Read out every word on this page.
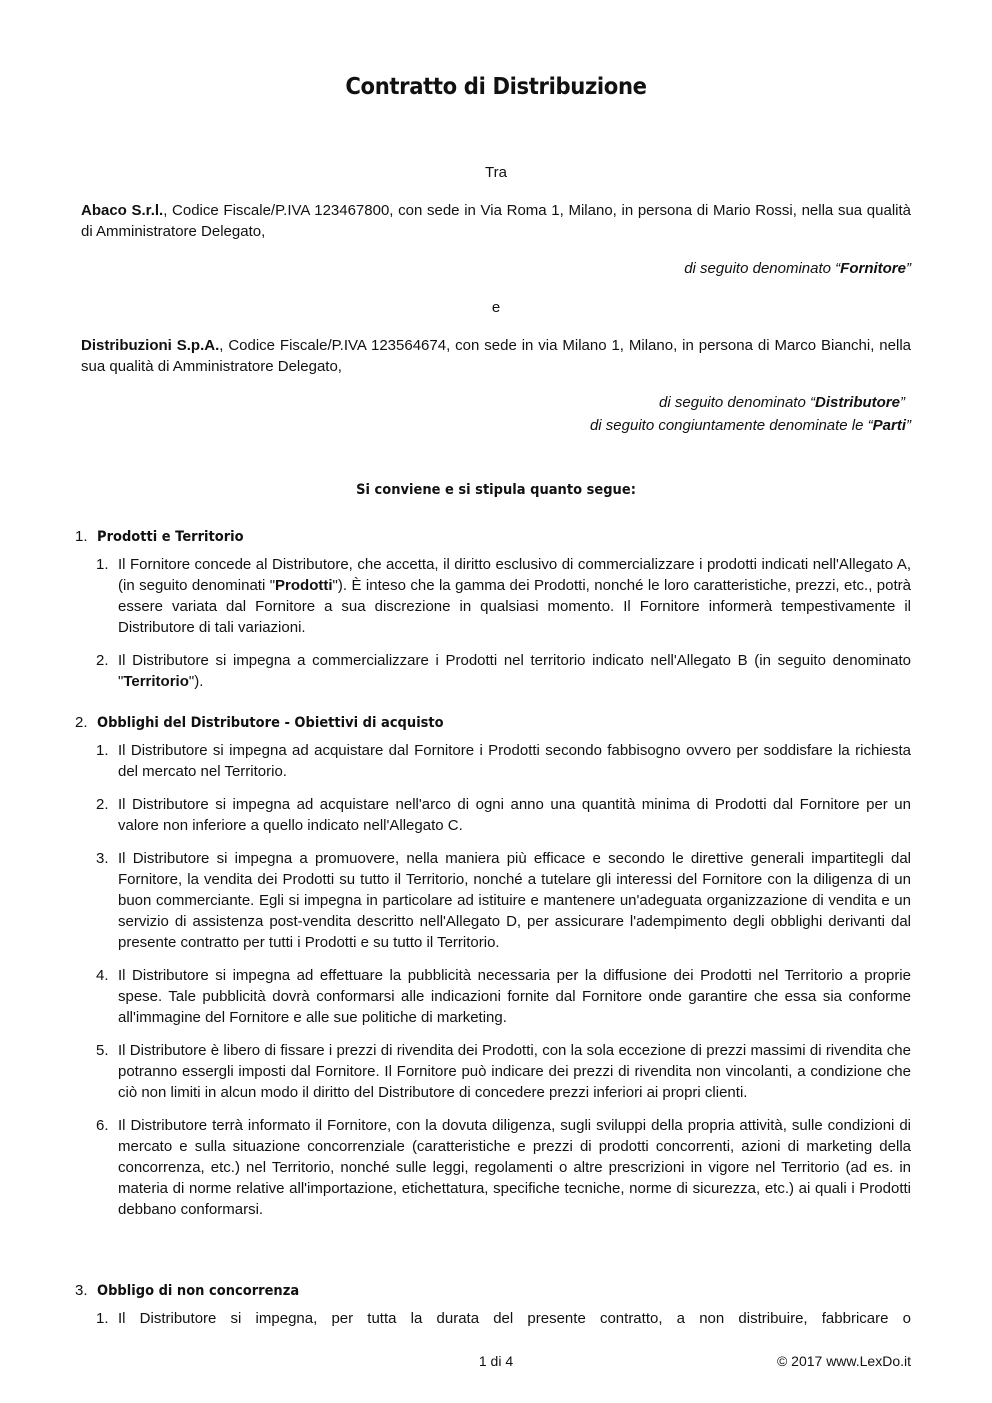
Contratto di Distribuzione
Tra
Abaco S.r.l., Codice Fiscale/P.IVA 123467800, con sede in Via Roma 1, Milano, in persona di Mario Rossi, nella sua qualità di Amministratore Delegato,
di seguito denominato “Fornitore”
e
Distribuzioni S.p.A., Codice Fiscale/P.IVA 123564674, con sede in via Milano 1, Milano, in persona di Marco Bianchi, nella sua qualità di Amministratore Delegato,
di seguito denominato “Distributore”
di seguito congiuntamente denominate le “Parti”
Si conviene e si stipula quanto segue:
1. Prodotti e Territorio
1. Il Fornitore concede al Distributore, che accetta, il diritto esclusivo di commercializzare i prodotti indicati nell'Allegato A, (in seguito denominati "Prodotti"). È inteso che la gamma dei Prodotti, nonché le loro caratteristiche, prezzi, etc., potrà essere variata dal Fornitore a sua discrezione in qualsiasi momento. Il Fornitore informerà tempestivamente il Distributore di tali variazioni.
2. Il Distributore si impegna a commercializzare i Prodotti nel territorio indicato nell'Allegato B (in seguito denominato "Territorio").
2. Obblighi del Distributore - Obiettivi di acquisto
1. Il Distributore si impegna ad acquistare dal Fornitore i Prodotti secondo fabbisogno ovvero per soddisfare la richiesta del mercato nel Territorio.
2. Il Distributore si impegna ad acquistare nell'arco di ogni anno una quantità minima di Prodotti dal Fornitore per un valore non inferiore a quello indicato nell'Allegato C.
3. Il Distributore si impegna a promuovere, nella maniera più efficace e secondo le direttive generali impartitegli dal Fornitore, la vendita dei Prodotti su tutto il Territorio, nonché a tutelare gli interessi del Fornitore con la diligenza di un buon commerciante. Egli si impegna in particolare ad istituire e mantenere un'adeguata organizzazione di vendita e un servizio di assistenza post-vendita descritto nell'Allegato D, per assicurare l'adempimento degli obblighi derivanti dal presente contratto per tutti i Prodotti e su tutto il Territorio.
4. Il Distributore si impegna ad effettuare la pubblicità necessaria per la diffusione dei Prodotti nel Territorio a proprie spese. Tale pubblicità dovrà conformarsi alle indicazioni fornite dal Fornitore onde garantire che essa sia conforme all'immagine del Fornitore e alle sue politiche di marketing.
5. Il Distributore è libero di fissare i prezzi di rivendita dei Prodotti, con la sola eccezione di prezzi massimi di rivendita che potranno essergli imposti dal Fornitore. Il Fornitore può indicare dei prezzi di rivendita non vincolanti, a condizione che ciò non limiti in alcun modo il diritto del Distributore di concedere prezzi inferiori ai propri clienti.
6. Il Distributore terrà informato il Fornitore, con la dovuta diligenza, sugli sviluppi della propria attività, sulle condizioni di mercato e sulla situazione concorrenziale (caratteristiche e prezzi di prodotti concorrenti, azioni di marketing della concorrenza, etc.) nel Territorio, nonché sulle leggi, regolamenti o altre prescrizioni in vigore nel Territorio (ad es. in materia di norme relative all'importazione, etichettatura, specifiche tecniche, norme di sicurezza, etc.) ai quali i Prodotti debbano conformarsi.
3. Obbligo di non concorrenza
1. Il Distributore si impegna, per tutta la durata del presente contratto, a non distribuire, fabbricare o
1 di 4	© 2017 www.LexDo.it
